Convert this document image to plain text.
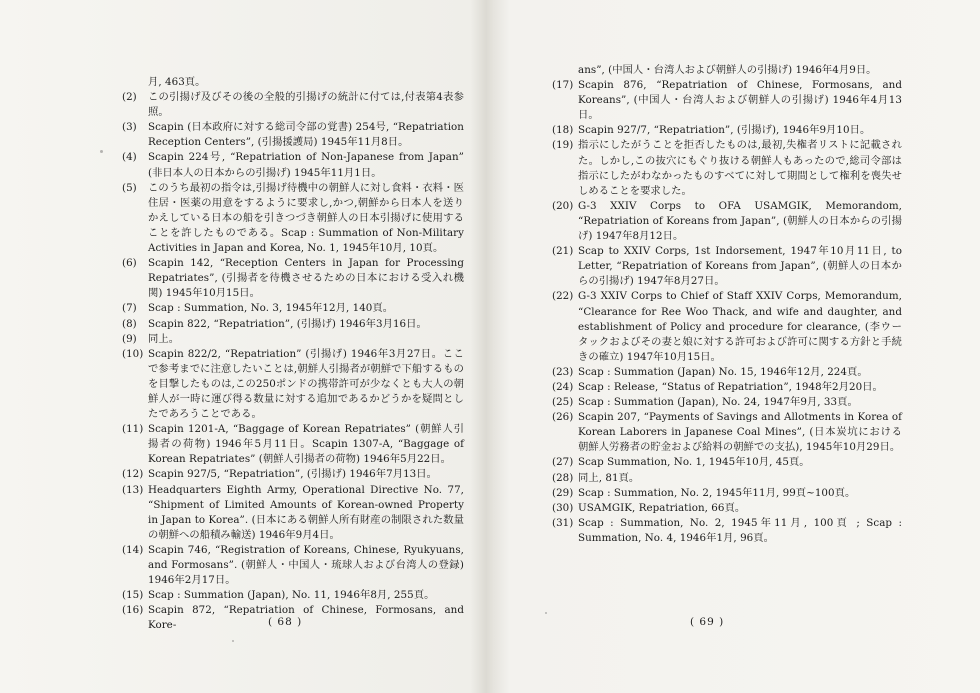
月, 463頁。
(2)	この引揚げ及びその後の全般的引揚げの統計に付ては,付表第4表参照。
(3)	Scapin (日本政府に対する総司令部の覚書) 254号, “Repatriation Reception Centers”, (引揚援護局) 1945年11月8日。
(4)	Scapin 224号, “Repatriation of Non-Japanese from Japan” (非日本人の日本からの引揚げ) 1945年11月1日。
(5)	このうち最初の指令は,引揚げ待機中の朝鮮人に対し食料・衣料・医住居・医薬の用意をするように要求し,かつ,朝鮮から日本人を送りかえしている日本の船を引きつづき朝鮮人の日本引揚げに使用することを許したものである。Scap : Summation of Non-Military Activities in Japan and Korea, No. 1, 1945年10月, 10頁。
(6)	Scapin 142, “Reception Centers in Japan for Processing Repatriates”, (引揚者を待機させるための日本における受入れ機関) 1945年10月15日。
(7)	Scap : Summation, No. 3, 1945年12月, 140頁。
(8)	Scapin 822, “Repatriation”, (引揚げ) 1946年3月16日。
(9)	同上。
(10) Scapin 822/2, “Repatriation” (引揚げ) 1946年3月27日。ここで参考までに注意したいことは,朝鮮人引揚者が朝鮮で下船するものを目撃したものは,この250ポンドの携帯許可が少なくとも大人の朝鮮人が一時に運び得る数量に対する追加であるかどうかを疑問としたであろうことである。
(11) Scapin 1201-A, “Baggage of Korean Repatriates” (朝鮮人引揚者の荷物) 1946年5月11日。Scapin 1307-A, “Baggage of Korean Repatriates” (朝鮮人引揚者の荷物) 1946年5月22日。
(12) Scapin 927/5, “Repatriation”, (引揚げ) 1946年7月13日。
(13) Headquarters Eighth Army, Operational Directive No. 77, “Shipment of Limited Amounts of Korean-owned Property in Japan to Korea”. (日本にある朝鮮人所有財産の制限された数量の朝鮮への船積み輸送) 1946年9月4日。
(14) Scapin 746, “Registration of Koreans, Chinese, Ryukyuans, and Formosans”. (朝鮮人・中国人・琉球人および台湾人の登録) 1946年2月17日。
(15) Scap : Summation (Japan), No. 11, 1946年8月, 255頁。
(16) Scapin 872, “Repatriation of Chinese, Formosans, and Kore-	( 68 )
ans”, (中国人・台湾人および朝鮮人の引揚げ) 1946年4月9日。
(17) Scapin 876, “Repatriation of Chinese, Formosans, and Koreans”, (中国人・台湾人および朝鮮人の引揚げ) 1946年4月13日。
(18) Scapin 927/7, “Repatriation”, (引揚げ), 1946年9月10日。
(19) 指示にしたがうことを拒否したものは,最初,失権者リストに記載された。しかし,この抜穴にもぐり抜ける朝鮮人もあったので,総司令部は指示にしたがわなかったものすべてに対して期間として権利を喪失せしめることを要求した。
(20) G-3 XXIV Corps to OFA USAMGIK, Memorandom, “Repatriation of Koreans from Japan”, (朝鮮人の日本からの引揚げ) 1947年8月12日。
(21) Scap to XXIV Corps, 1st Indorsement, 1947年10月11日, to Letter, “Repatriation of Koreans from Japan”, (朝鮮人の日本からの引揚げ) 1947年8月27日。
(22) G-3 XXIV Corps to Chief of Staff XXIV Corps, Memorandum, “Clearance for Ree Woo Thack, and wife and daughter, and establishment of Policy and procedure for clearance, (李ウータックおよびその妻と娘に対する許可および許可に関する方針と手続きの確立) 1947年10月15日。
(23) Scap : Summation (Japan) No. 15, 1946年12月, 224頁。
(24) Scap : Release, “Status of Repatriation”, 1948年2月20日。
(25) Scap : Summation (Japan), No. 24, 1947年9月, 33頁。
(26) Scapin 207, “Payments of Savings and Allotments in Korea of Korean Laborers in Japanese Coal Mines”, (日本炭坑における朝鮮人労務者の貯金および給料の朝鮮での支払), 1945年10月29日。
(27) Scap Summation, No. 1, 1945年10月, 45頁。
(28) 同上, 81頁。
(29) Scap : Summation, No. 2, 1945年11月, 99頁~100頁。
(30) USAMGIK, Repatriation, 66頁。
(31) Scap : Summation, No. 2, 1945年11月, 100頁 ; Scap : Summation, No. 4, 1946年1月, 96頁。
( 69 )
